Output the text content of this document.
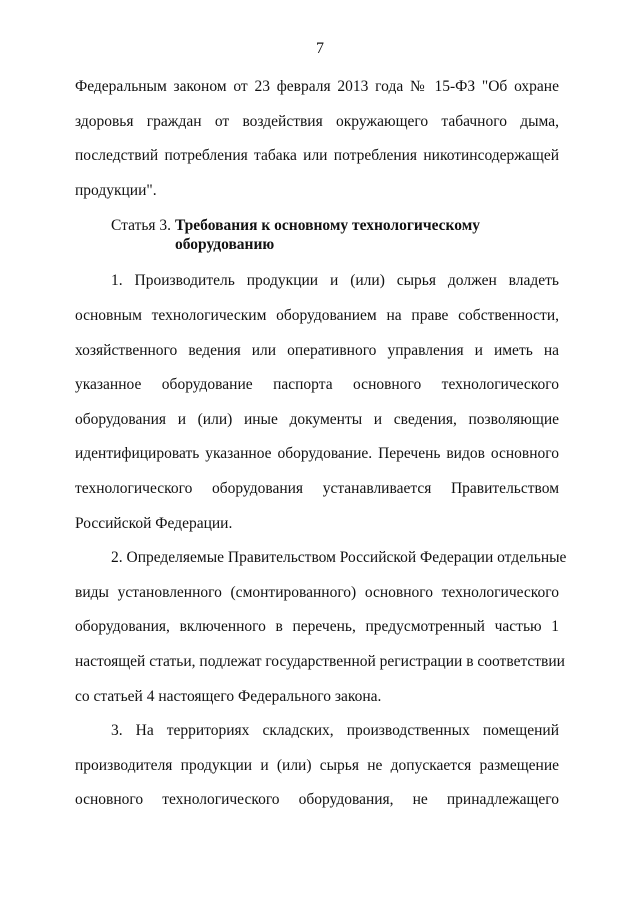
7
Федеральным законом от 23 февраля 2013 года № 15-ФЗ "Об охране
здоровья граждан от воздействия окружающего табачного дыма,
последствий потребления табака или потребления никотинсодержащей
продукции".
Статья 3. Требования к основному технологическому
оборудованию
1. Производитель продукции и (или) сырья должен владеть
основным технологическим оборудованием на праве собственности,
хозяйственного ведения или оперативного управления и иметь на
указанное оборудование паспорта основного технологического
оборудования и (или) иные документы и сведения, позволяющие
идентифицировать указанное оборудование. Перечень видов основного
технологического оборудования устанавливается Правительством
Российской Федерации.
2. Определяемые Правительством Российской Федерации отдельные
виды установленного (смонтированного) основного технологического
оборудования, включенного в перечень, предусмотренный частью 1
настоящей статьи, подлежат государственной регистрации в соответствии
со статьей 4 настоящего Федерального закона.
3. На территориях складских, производственных помещений
производителя продукции и (или) сырья не допускается размещение
основного технологического оборудования, не принадлежащего
